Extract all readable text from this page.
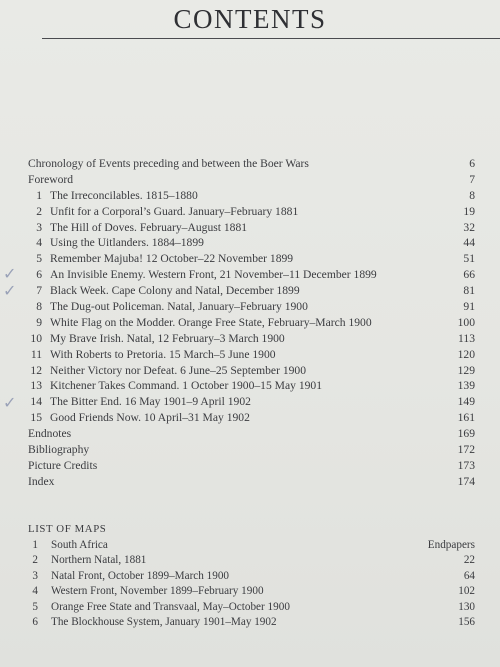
CONTENTS
Chronology of Events preceding and between the Boer Wars	6
Foreword	7
1 The Irreconcilables. 1815–1880	8
2 Unfit for a Corporal’s Guard. January–February 1881	19
3 The Hill of Doves. February–August 1881	32
4 Using the Uitlanders. 1884–1899	44
5 Remember Majuba! 12 October–22 November 1899	51
6 An Invisible Enemy. Western Front, 21 November–11 December 1899	66
7 Black Week. Cape Colony and Natal, December 1899	81
8 The Dug-out Policeman. Natal, January–February 1900	91
9 White Flag on the Modder. Orange Free State, February–March 1900	100
10 My Brave Irish. Natal, 12 February–3 March 1900	113
11 With Roberts to Pretoria. 15 March–5 June 1900	120
12 Neither Victory nor Defeat. 6 June–25 September 1900	129
13 Kitchener Takes Command. 1 October 1900–15 May 1901	139
14 The Bitter End. 16 May 1901–9 April 1902	149
15 Good Friends Now. 10 April–31 May 1902	161
Endnotes	169
Bibliography	172
Picture Credits	173
Index	174
✓
✓
✓
LIST OF MAPS
1 South Africa	Endpapers
2 Northern Natal, 1881	22
3 Natal Front, October 1899–March 1900	64
4 Western Front, November 1899–February 1900	102
5 Orange Free State and Transvaal, May–October 1900	130
6 The Blockhouse System, January 1901–May 1902	156
